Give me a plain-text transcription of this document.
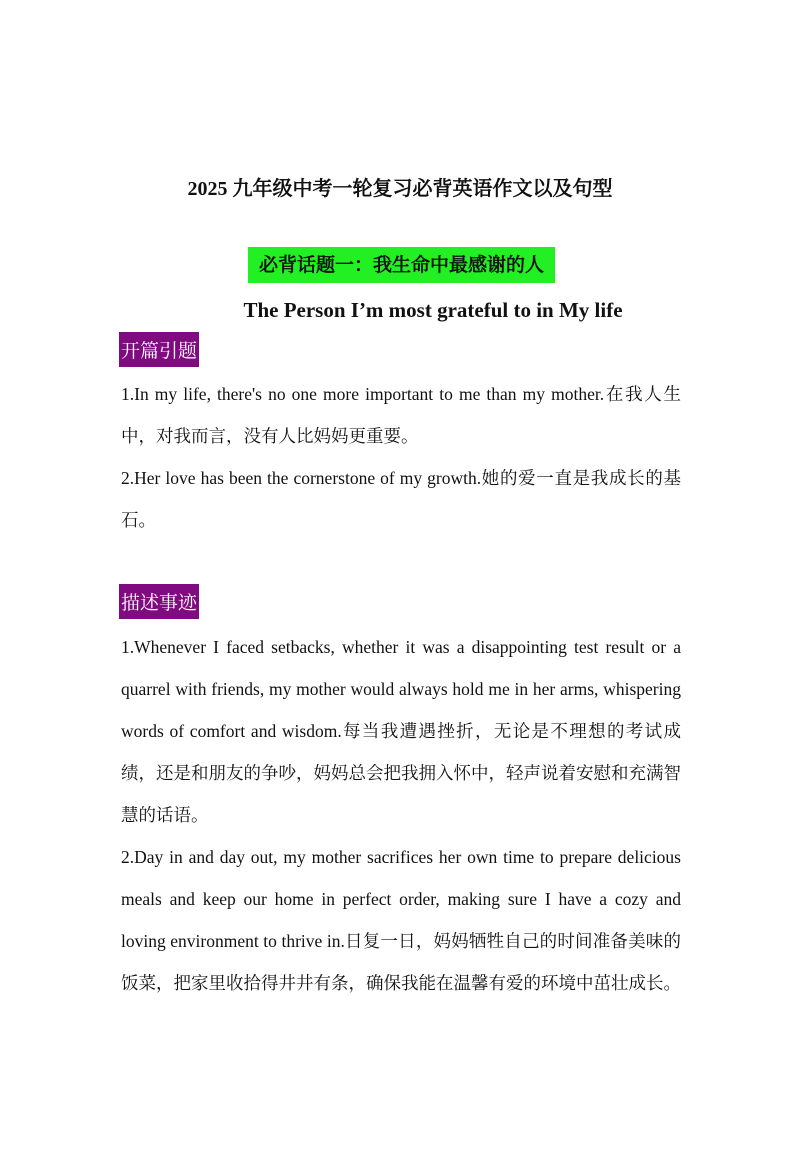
2025 九年级中考一轮复习必背英语作文以及句型
必背话题一：我生命中最感谢的人
The Person I’m most grateful to in My life
开篇引题

1.In my life, there's no one more important to me than my mother.在我人生中，对我而言，没有人比妈妈更重要。

2.Her love has been the cornerstone of my growth.她的爱一直是我成长的基石。

描述事迹

1.Whenever I faced setbacks, whether it was a disappointing test result or a quarrel with friends, my mother would always hold me in her arms, whispering words of comfort and wisdom.每当我遭遇挫折，无论是不理想的考试成绩，还是和朋友的争吵，妈妈总会把我拥入怀中，轻声说着安慰和充满智慧的话语。

2.Day in and day out, my mother sacrifices her own time to prepare delicious meals and keep our home in perfect order, making sure I have a cozy and loving environment to thrive in.日复一日，妈妈牺牲自己的时间准备美味的饭菜，把家里收拾得井井有条，确保我能在温馨有爱的环境中茁壮成长。
